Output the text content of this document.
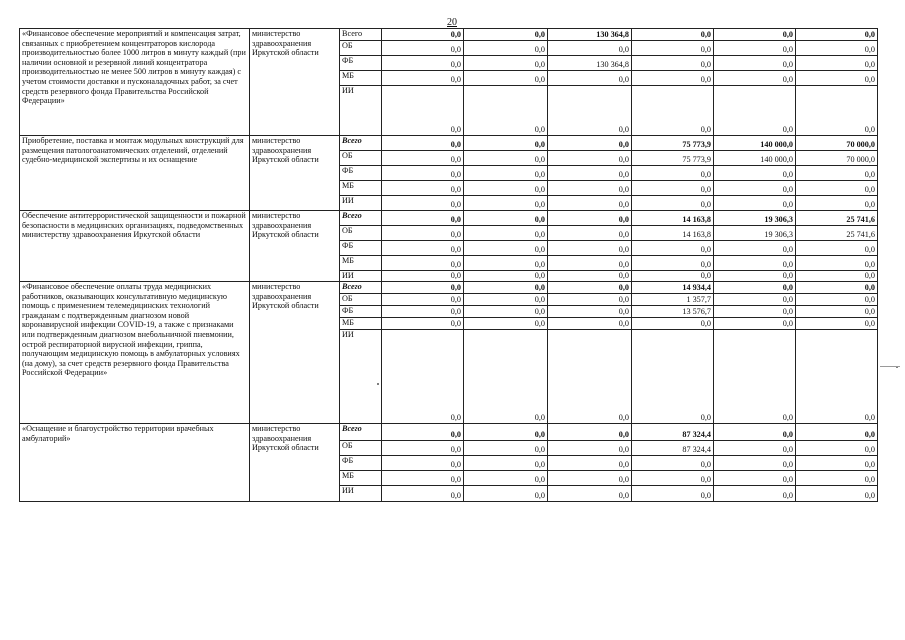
20
«Финансовое обеспечение мероприятий и компенсация затрат, связанных с приобретением концентраторов кислорода производительностью более 1000 литров в минуту каждый (при наличии основной и резервной линий концентратора производительностью не менее 500 литров в минуту каждая) с учетом стоимости доставки и пусконаладочных работ, за счет средств резервного фонда Правительства Российской Федерации»	министерство здравоохранения Иркутской области	Всего	0,0	0,0	130 364,8	0,0	0,0	0,0
		ОБ	0,0	0,0	0,0	0,0	0,0	0,0
		ФБ	0,0	0,0	130 364,8	0,0	0,0	0,0
		МБ	0,0	0,0	0,0	0,0	0,0	0,0
		ИИ	0,0	0,0	0,0	0,0	0,0	0,0
Приобретение, поставка и монтаж модульных конструкций для размещения патологоанатомических отделений, отделений судебно-медицинской экспертизы и их оснащение	министерство здравоохранения Иркутской области	Всего	0,0	0,0	0,0	75 773,9	140 000,0	70 000,0
		ОБ	0,0	0,0	0,0	75 773,9	140 000,0	70 000,0
		ФБ	0,0	0,0	0,0	0,0	0,0	0,0
		МБ	0,0	0,0	0,0	0,0	0,0	0,0
		ИИ	0,0	0,0	0,0	0,0	0,0	0,0
Обеспечение антитеррористической защищенности и пожарной безопасности в медицинских организациях, подведомственных министерству здравоохранения Иркутской области	министерство здравоохранения Иркутской области	Всего	0,0	0,0	0,0	14 163,8	19 306,3	25 741,6
		ОБ	0,0	0,0	0,0	14 163,8	19 306,3	25 741,6
		ФБ	0,0	0,0	0,0	0,0	0,0	0,0
		МБ	0,0	0,0	0,0	0,0	0,0	0,0
		ИИ	0,0	0,0	0,0	0,0	0,0	0,0
«Финансовое обеспечение оплаты труда медицинских работников, оказывающих консультативную медицинскую помощь с применением телемедицинских технологий гражданам с подтвержденным диагнозом новой коронавирусной инфекции COVID-19, а также с признаками или подтвержденным диагнозом внебольничной пневмонии, острой респираторной вирусной инфекции, гриппа, получающим медицинскую помощь в амбулаторных условиях (на дому), за счет средств резервного фонда Правительства Российской Федерации»	министерство здравоохранения Иркутской области	Всего	0,0	0,0	0,0	14 934,4	0,0	0,0
		ОБ	0,0	0,0	0,0	1 357,7	0,0	0,0
		ФБ	0,0	0,0	0,0	13 576,7	0,0	0,0
		МБ	0,0	0,0	0,0	0,0	0,0	0,0
		ИИ	0,0	0,0	0,0	0,0	0,0	0,0
«Оснащение и благоустройство территории врачебных амбулаторий»	министерство здравоохранения Иркутской области	Всего	0,0	0,0	0,0	87 324,4	0,0	0,0
		ОБ	0,0	0,0	0,0	87 324,4	0,0	0,0
		ФБ	0,0	0,0	0,0	0,0	0,0	0,0
		МБ	0,0	0,0	0,0	0,0	0,0	0,0
		ИИ	0,0	0,0	0,0	0,0	0,0	0,0
